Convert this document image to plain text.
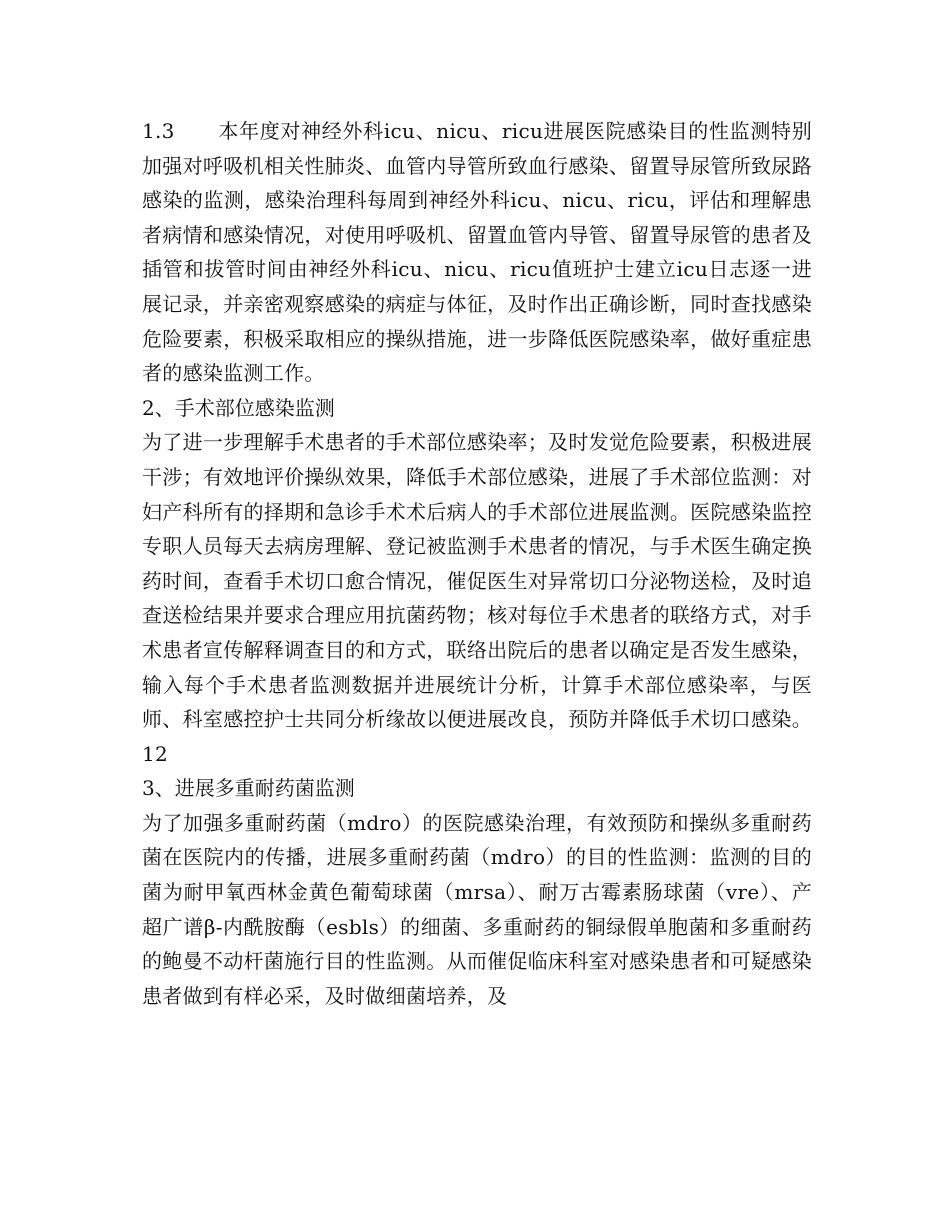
1.3 本年度对神经外科icu、nicu、ricu进展医院感染目的性监测特别加强对呼吸机相关性肺炎、血管内导管所致血行感染、留置导尿管所致尿路感染的监测，感染治理科每周到神经外科icu、nicu、ricu，评估和理解患者病情和感染情况，对使用呼吸机、留置血管内导管、留置导尿管的患者及插管和拔管时间由神经外科icu、nicu、ricu值班护士建立icu日志逐一进展记录，并亲密观察感染的病症与体征，及时作出正确诊断，同时查找感染危险要素，积极采取相应的操纵措施，进一步降低医院感染率，做好重症患者的感染监测工作。

2、手术部位感染监测

为了进一步理解手术患者的手术部位感染率；及时发觉危险要素，积极进展干涉；有效地评价操纵效果，降低手术部位感染，进展了手术部位监测：对妇产科所有的择期和急诊手术术后病人的手术部位进展监测。医院感染监控专职人员每天去病房理解、登记被监测手术患者的情况，与手术医生确定换药时间，查看手术切口愈合情况，催促医生对异常切口分泌物送检，及时追查送检结果并要求合理应用抗菌药物；核对每位手术患者的联络方式，对手术患者宣传解释调查目的和方式，联络出院后的患者以确定是否发生感染，输入每个手术患者监测数据并进展统计分析，计算手术部位感染率，与医师、科室感控护士共同分析缘故以便进展改良，预防并降低手术切口感染。12

3、进展多重耐药菌监测

为了加强多重耐药菌（mdro）的医院感染治理，有效预防和操纵多重耐药菌在医院内的传播，进展多重耐药菌（mdro）的目的性监测：监测的目的菌为耐甲氧西林金黄色葡萄球菌（mrsa）、耐万古霉素肠球菌（vre）、产超广谱β-内酰胺酶（esbls）的细菌、多重耐药的铜绿假单胞菌和多重耐药的鲍曼不动杆菌施行目的性监测。从而催促临床科室对感染患者和可疑感染患者做到有样必采，及时做细菌培养，及
